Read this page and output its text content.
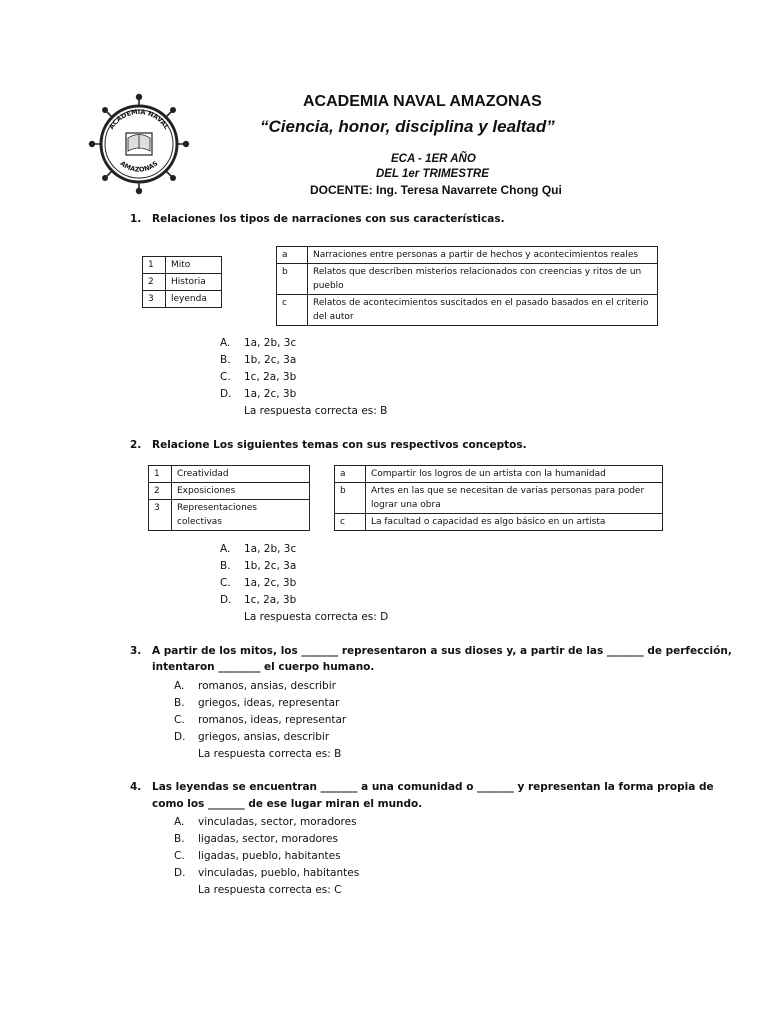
ACADEMIA NAVAL
AMAZONAS
ACADEMIA NAVAL AMAZONAS
“Ciencia, honor, disciplina y lealtad”
ECA - 1ER AÑO
DEL 1er TRIMESTRE
DOCENTE: Ing. Teresa Navarrete Chong Qui
1. Relaciones los tipos de narraciones con sus características.
1	Mito
2	Historia
3	leyenda
a	Narraciones entre personas a partir de hechos y acontecimientos reales
b	Relatos que describen misterios relacionados con creencias y ritos de un pueblo
c	Relatos de acontecimientos suscitados en el pasado basados en el criterio del autor
A. 1a, 2b, 3c
B. 1b, 2c, 3a
C. 1c, 2a, 3b
D. 1a, 2c, 3b
La respuesta correcta es: B
2. Relacione Los siguientes temas con sus respectivos conceptos.
1	Creatividad
2	Exposiciones
3	Representaciones colectivas
a	Compartir los logros de un artista con la humanidad
b	Artes en las que se necesitan de varias personas para poder lograr una obra
c	La facultad o capacidad es algo básico en un artista
A. 1a, 2b, 3c
B. 1b, 2c, 3a
C. 1a, 2c, 3b
D. 1c, 2a, 3b
La respuesta correcta es: D
3. A partir de los mitos, los _______ representaron a sus dioses y, a partir de las _______ de perfección,
intentaron ________ el cuerpo humano.
A. romanos, ansias, describir
B. griegos, ideas, representar
C. romanos, ideas, representar
D. griegos, ansias, describir
La respuesta correcta es: B
4. Las leyendas se encuentran _______ a una comunidad o _______ y representan la forma propia de
como los _______ de ese lugar miran el mundo.
A. vinculadas, sector, moradores
B. ligadas, sector, moradores
C. ligadas, pueblo, habitantes
D. vinculadas, pueblo, habitantes
La respuesta correcta es: C
